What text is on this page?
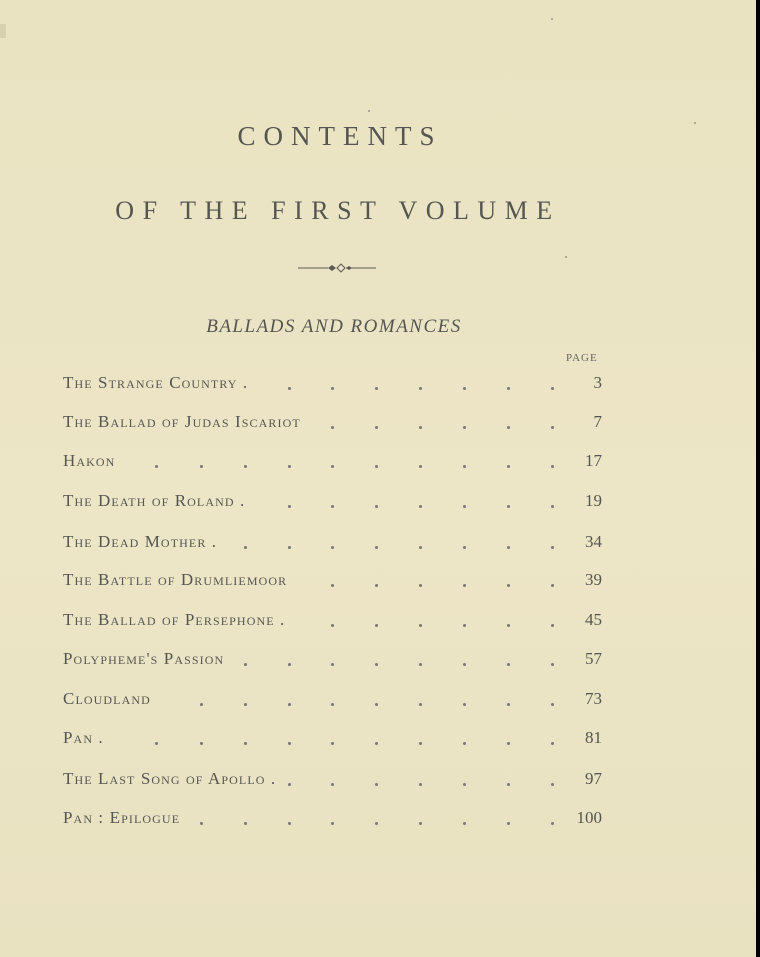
CONTENTS
OF THE FIRST VOLUME
BALLADS AND ROMANCES
PAGE
The Strange Country .	3
The Ballad of Judas Iscariot	7
Hakon	17
The Death of Roland .	19
The Dead Mother .	34
The Battle of Drumliemoor	39
The Ballad of Persephone .	45
Polypheme's Passion	57
Cloudland	73
Pan .	81
The Last Song of Apollo .	97
Pan : Epilogue	100
